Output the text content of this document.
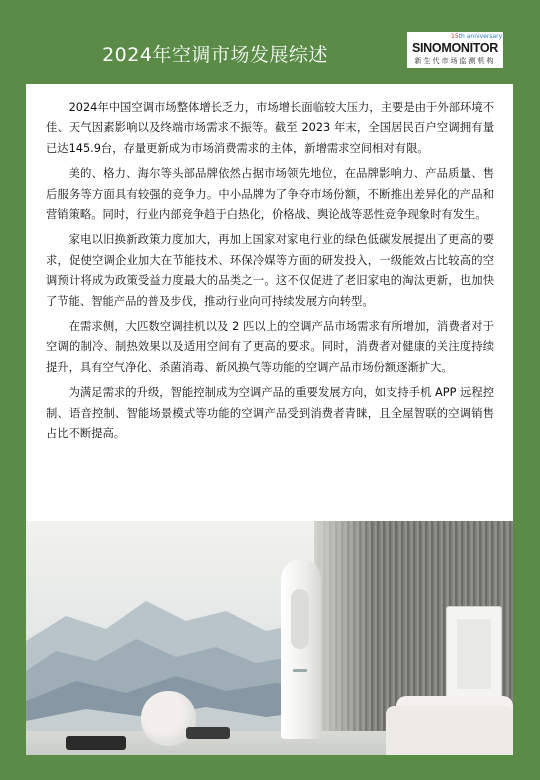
2024年空调市场发展综述
15th anniversary
SINOMONITOR
新生代市场监测机构

2024年中国空调市场整体增长乏力，市场增长面临较大压力，主要是由于外部环境不佳、天气因素影响以及终端市场需求不振等。截至 2023 年末，全国居民百户空调拥有量已达145.9台，存量更新成为市场消费需求的主体，新增需求空间相对有限。

美的、格力、海尔等头部品牌依然占据市场领先地位，在品牌影响力、产品质量、售后服务等方面具有较强的竞争力。中小品牌为了争夺市场份额，不断推出差异化的产品和营销策略。同时，行业内部竞争趋于白热化，价格战、舆论战等恶性竞争现象时有发生。

家电以旧换新政策力度加大，再加上国家对家电行业的绿色低碳发展提出了更高的要求，促使空调企业加大在节能技术、环保冷媒等方面的研发投入，一级能效占比较高的空调预计将成为政策受益力度最大的品类之一。这不仅促进了老旧家电的淘汰更新，也加快了节能、智能产品的普及步伐，推动行业向可持续发展方向转型。

在需求侧，大匹数空调挂机以及 2 匹以上的空调产品市场需求有所增加，消费者对于空调的制冷、制热效果以及适用空间有了更高的要求。同时，消费者对健康的关注度持续提升，具有空气净化、杀菌消毒、新风换气等功能的空调产品市场份额逐渐扩大。

为满足需求的升级，智能控制成为空调产品的重要发展方向，如支持手机 APP 远程控制、语音控制、智能场景模式等功能的空调产品受到消费者青睐，且全屋智联的空调销售占比不断提高。
